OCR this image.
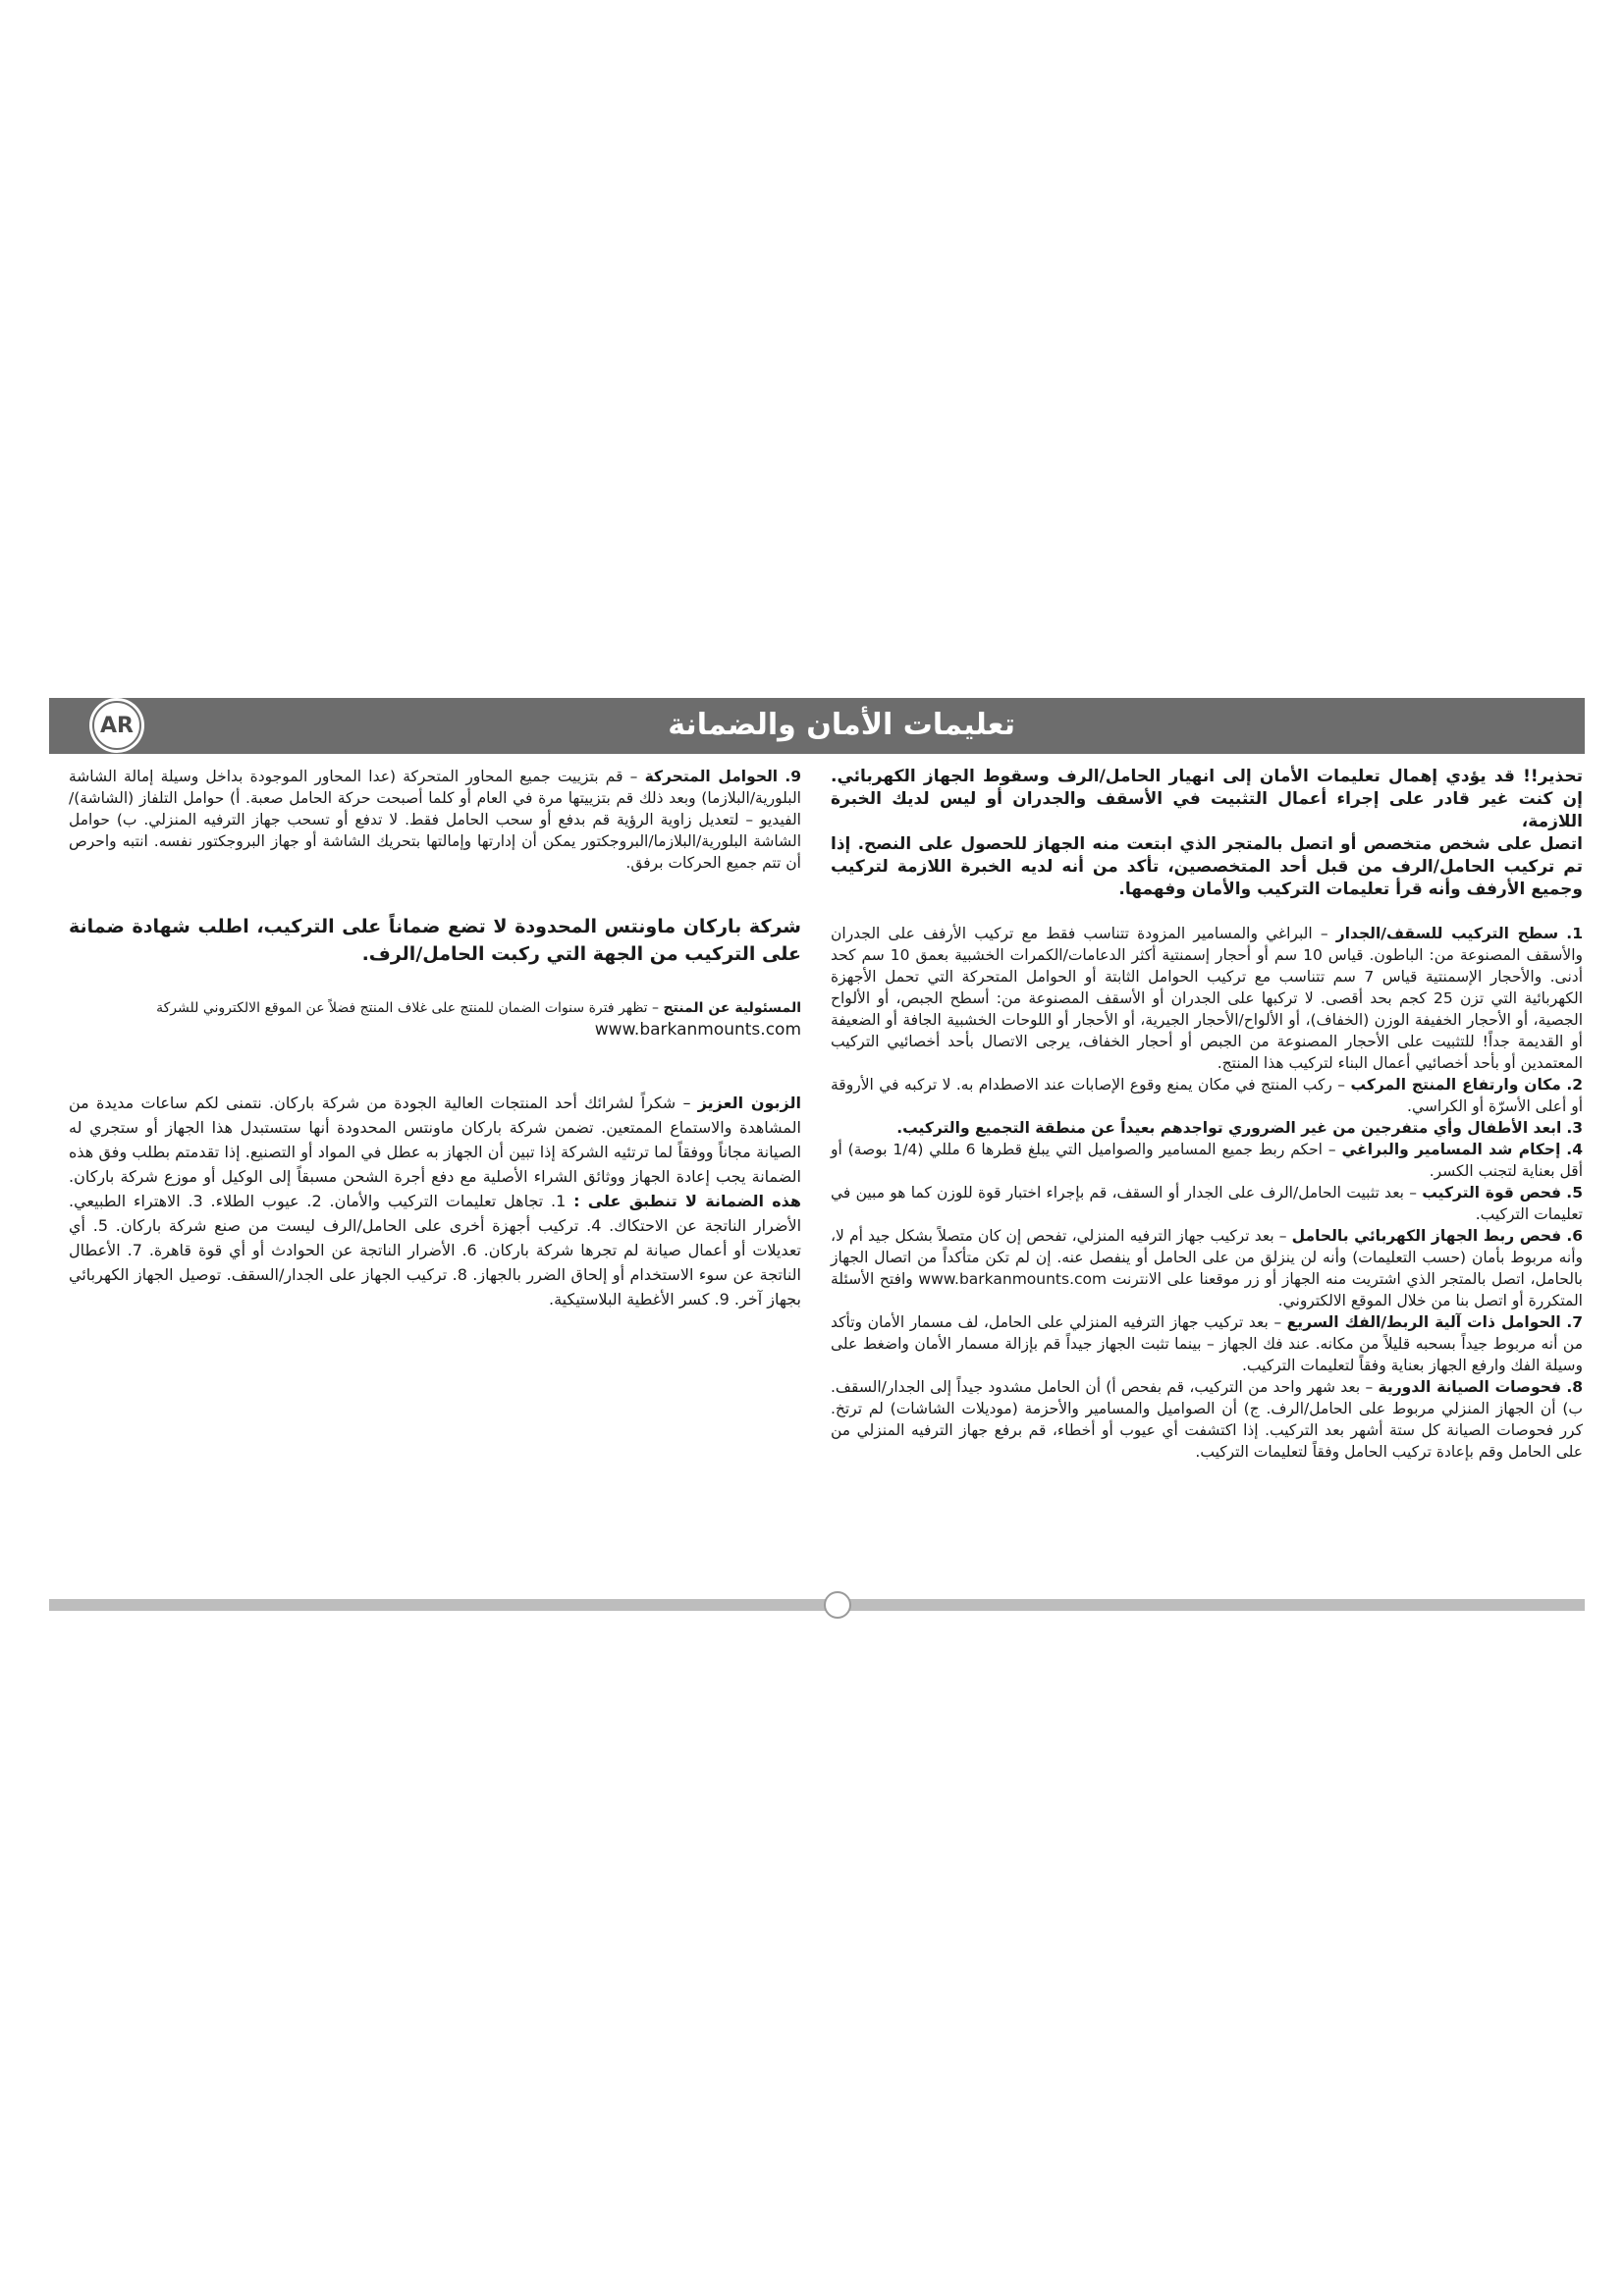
AR	تعليمات الأمان والضمانة

تحذير!! قد يؤدي إهمال تعليمات الأمان إلى انهيار الحامل/الرف وسقوط الجهاز الكهربائي. إن كنت غير قادر على إجراء أعمال التثبيت في الأسقف والجدران أو ليس لديك الخبرة اللازمة،

اتصل على شخص متخصص أو اتصل بالمتجر الذي ابتعت منه الجهاز للحصول على النصح. إذا تم تركيب الحامل/الرف من قبل أحد المتخصصين، تأكد من أنه لديه الخبرة اللازمة لتركيب وجميع الأرفف وأنه قرأ تعليمات التركيب والأمان وفهمها.

1. سطح التركيب للسقف/الجدار – البراغي والمسامير المزودة تتناسب فقط مع تركيب الأرفف على الجدران والأسقف المصنوعة من: الباطون. قياس 10 سم أو أحجار إسمنتية أكثر الدعامات/الكمرات الخشبية بعمق 10 سم كحد أدنى. والأحجار الإسمنتية قياس 7 سم تتناسب مع تركيب الحوامل الثابتة أو الحوامل المتحركة التي تحمل الأجهزة الكهربائية التي تزن 25 كجم بحد أقصى. لا تركبها على الجدران أو الأسقف المصنوعة من: أسطح الجبص، أو الألواح الجصية، أو الأحجار الخفيفة الوزن (الخفاف)، أو الألواح/الأحجار الجيرية، أو الأحجار أو اللوحات الخشبية الجافة أو الضعيفة أو القديمة جداً! للتثبيت على الأحجار المصنوعة من الجبص أو أحجار الخفاف، يرجى الاتصال بأحد أخصائيي التركيب المعتمدين أو بأحد أخصائيي أعمال البناء لتركيب هذا المنتج.

2. مكان وارتفاع المنتج المركب – ركب المنتج في مكان يمنع وقوع الإصابات عند الاصطدام به. لا تركبه في الأروقة أو أعلى الأسرّة أو الكراسي.

3. ابعد الأطفال وأي متفرجين من غير الضروري تواجدهم بعيداً عن منطقة التجميع والتركيب.

4. إحكام شد المسامير والبراغي – احكم ربط جميع المسامير والصواميل التي يبلغ قطرها 6 مللي (1/4 بوصة) أو أقل بعناية لتجنب الكسر.

5. فحص قوة التركيب – بعد تثبيت الحامل/الرف على الجدار أو السقف، قم بإجراء اختبار قوة للوزن كما هو مبين في تعليمات التركيب.

6. فحص ربط الجهاز الكهربائي بالحامل – بعد تركيب جهاز الترفيه المنزلي، تفحص إن كان متصلاً بشكل جيد أم لا، وأنه مربوط بأمان (حسب التعليمات) وأنه لن ينزلق من على الحامل أو ينفصل عنه. إن لم تكن متأكداً من اتصال الجهاز بالحامل، اتصل بالمتجر الذي اشتريت منه الجهاز أو زر موقعنا على الانترنت www.barkanmounts.com وافتح الأسئلة المتكررة أو اتصل بنا من خلال الموقع الالكتروني.

7. الحوامل ذات آلية الربط/الفك السريع – بعد تركيب جهاز الترفيه المنزلي على الحامل، لف مسمار الأمان وتأكد من أنه مربوط جيداً بسحبه قليلاً من مكانه. عند فك الجهاز – بينما تثبت الجهاز جيداً قم بإزالة مسمار الأمان واضغط على وسيلة الفك وارفع الجهاز بعناية وفقاً لتعليمات التركيب.

8. فحوصات الصيانة الدورية – بعد شهر واحد من التركيب، قم بفحص أ) أن الحامل مشدود جيداً إلى الجدار/السقف. ب) أن الجهاز المنزلي مربوط على الحامل/الرف. ج) أن الصواميل والمسامير والأحزمة (موديلات الشاشات) لم ترتخ. كرر فحوصات الصيانة كل ستة أشهر بعد التركيب. إذا اكتشفت أي عيوب أو أخطاء، قم برفع جهاز الترفيه المنزلي من على الحامل وقم بإعادة تركيب الحامل وفقاً لتعليمات التركيب.

9. الحوامل المتحركة – قم بتزييت جميع المحاور المتحركة (عدا المحاور الموجودة بداخل وسيلة إمالة الشاشة البلورية/البلازما) وبعد ذلك قم بتزييتها مرة في العام أو كلما أصبحت حركة الحامل صعبة. أ) حوامل التلفاز (الشاشة)/الفيديو – لتعديل زاوية الرؤية قم بدفع أو سحب الحامل فقط. لا تدفع أو تسحب جهاز الترفيه المنزلي. ب) حوامل الشاشة البلورية/البلازما/البروجكتور يمكن أن إدارتها وإمالتها بتحريك الشاشة أو جهاز البروجكتور نفسه. انتبه واحرص أن تتم جميع الحركات برفق.

شركة باركان ماونتس المحدودة لا تضع ضماناً على التركيب، اطلب شهادة ضمانة على التركيب من الجهة التي ركبت الحامل/الرف.

المسئولية عن المنتج – تظهر فترة سنوات الضمان للمنتج على غلاف المنتج فضلاً عن الموقع الالكتروني للشركة
www.barkanmounts.com

الزبون العزيز – شكراً لشرائك أحد المنتجات العالية الجودة من شركة باركان. نتمنى لكم ساعات مديدة من المشاهدة والاستماع الممتعين. تضمن شركة باركان ماونتس المحدودة أنها ستستبدل هذا الجهاز أو ستجري له الصيانة مجاناً ووفقاً لما ترتئيه الشركة إذا تبين أن الجهاز به عطل في المواد أو التصنيع. إذا تقدمتم بطلب وفق هذه الضمانة يجب إعادة الجهاز ووثائق الشراء الأصلية مع دفع أجرة الشحن مسبقاً إلى الوكيل أو موزع شركة باركان. هذه الضمانة لا تنطبق على : 1. تجاهل تعليمات التركيب والأمان. 2. عيوب الطلاء. 3. الاهتراء الطبيعي. الأضرار الناتجة عن الاحتكاك. 4. تركيب أجهزة أخرى على الحامل/الرف ليست من صنع شركة باركان. 5. أي تعديلات أو أعمال صيانة لم تجرها شركة باركان. 6. الأضرار الناتجة عن الحوادث أو أي قوة قاهرة. 7. الأعطال الناتجة عن سوء الاستخدام أو إلحاق الضرر بالجهاز. 8. تركيب الجهاز على الجدار/السقف. توصيل الجهاز الكهربائي بجهاز آخر. 9. كسر الأغطية البلاستيكية.
